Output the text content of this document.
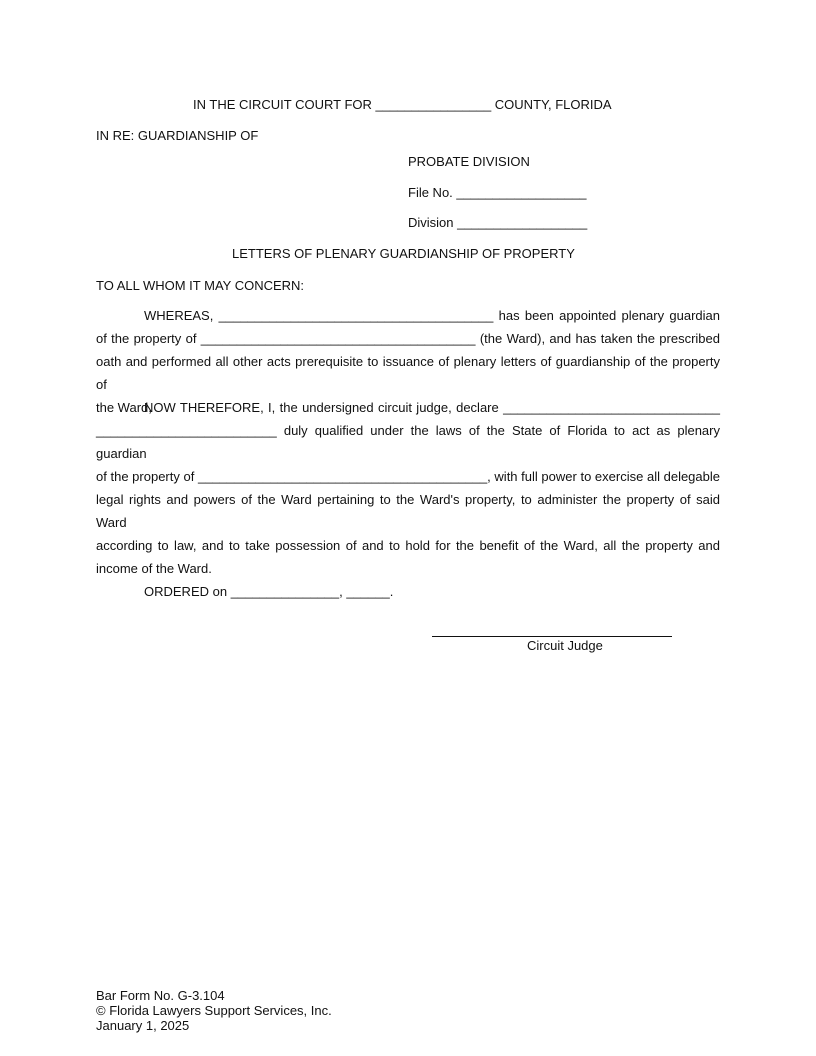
IN THE CIRCUIT COURT FOR ________________ COUNTY, FLORIDA
IN RE: GUARDIANSHIP OF
PROBATE DIVISION
File No. __________________
Division __________________
LETTERS OF PLENARY GUARDIANSHIP OF PROPERTY
TO ALL WHOM IT MAY CONCERN:

WHEREAS, ______________________________________ has been appointed plenary guardian

of the property of ______________________________________ (the Ward), and has taken the prescribed

oath and performed all other acts prerequisite to issuance of plenary letters of guardianship of the property of

the Ward,

NOW THEREFORE, I, the undersigned circuit judge, declare ______________________________

_________________________ duly qualified under the laws of the State of Florida to act as plenary guardian

of the property of ________________________________________, with full power to exercise all delegable

legal rights and powers of the Ward pertaining to the Ward's property, to administer the property of said Ward

according to law, and to take possession of and to hold for the benefit of the Ward, all the property and

income of the Ward.

ORDERED on _______________, ______.

Circuit Judge
Bar Form No. G-3.104
© Florida Lawyers Support Services, Inc.
January 1, 2025
